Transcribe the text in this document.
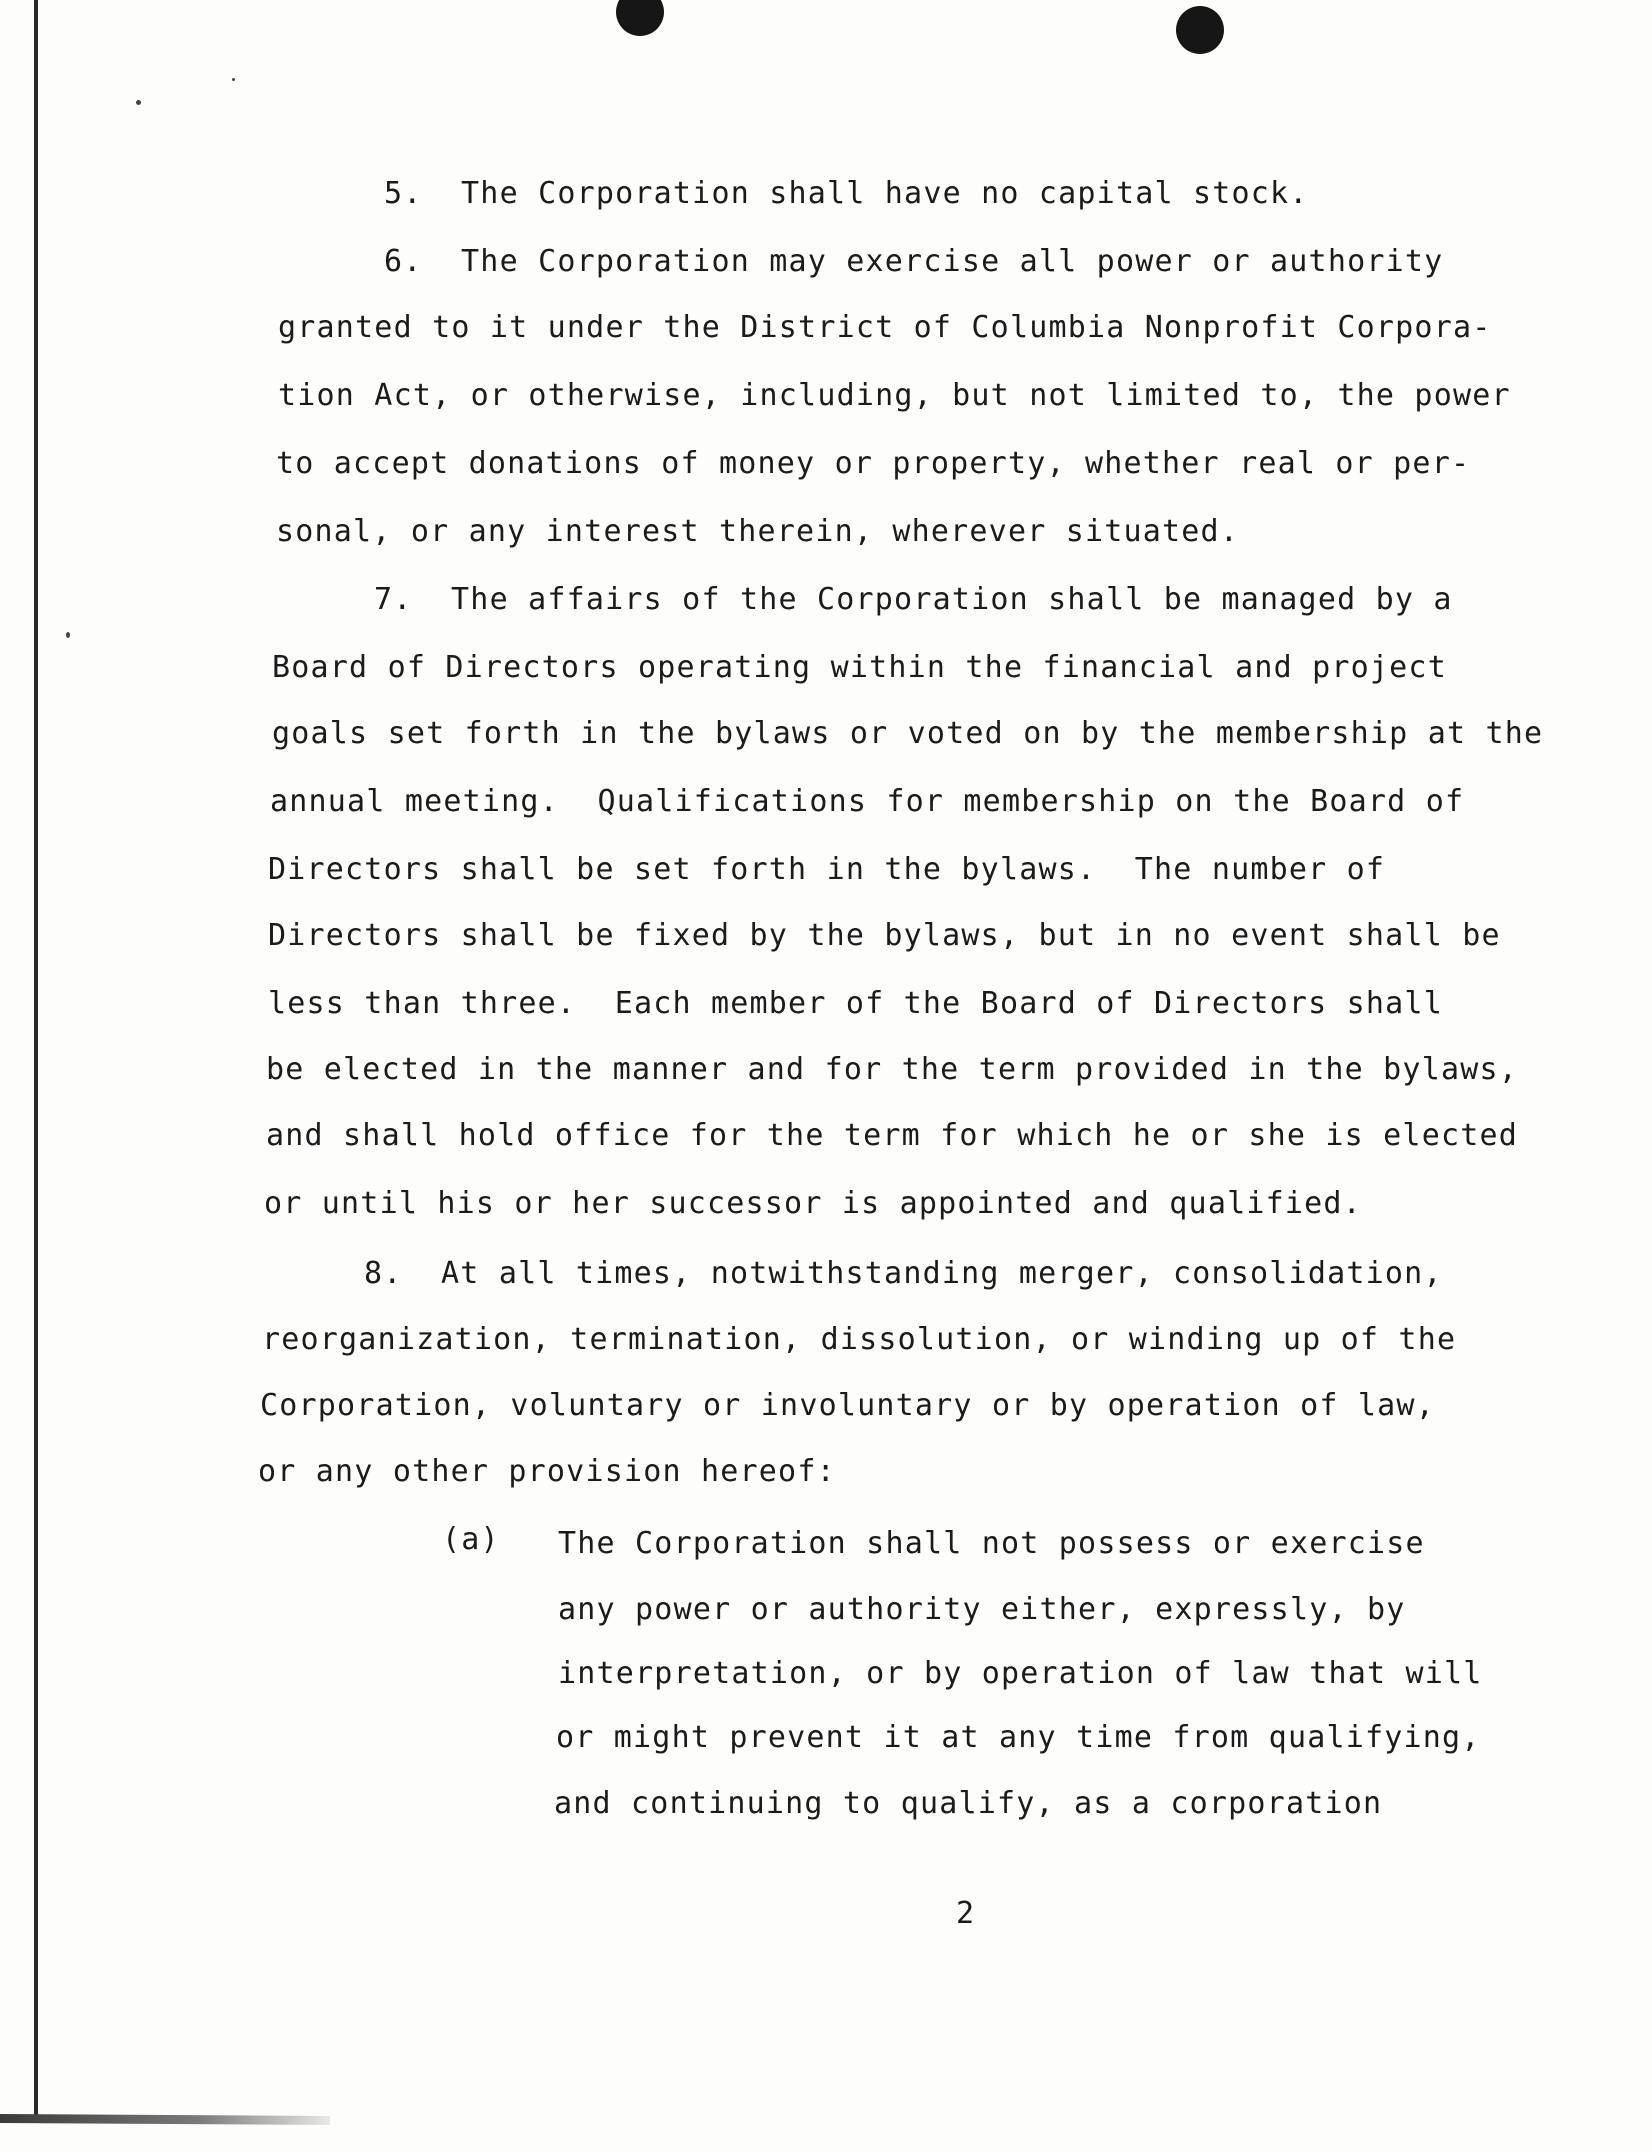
5.  The Corporation shall have no capital stock.
6.  The Corporation may exercise all power or authority
granted to it under the District of Columbia Nonprofit Corpora-
tion Act, or otherwise, including, but not limited to, the power
to accept donations of money or property, whether real or per-
sonal, or any interest therein, wherever situated.
7.  The affairs of the Corporation shall be managed by a
Board of Directors operating within the financial and project
goals set forth in the bylaws or voted on by the membership at the
annual meeting.  Qualifications for membership on the Board of
Directors shall be set forth in the bylaws.  The number of
Directors shall be fixed by the bylaws, but in no event shall be
less than three.  Each member of the Board of Directors shall
be elected in the manner and for the term provided in the bylaws,
and shall hold office for the term for which he or she is elected
or until his or her successor is appointed and qualified.
8.  At all times, notwithstanding merger, consolidation,
reorganization, termination, dissolution, or winding up of the
Corporation, voluntary or involuntary or by operation of law,
or any other provision hereof:
(a) The Corporation shall not possess or exercise
any power or authority either, expressly, by
interpretation, or by operation of law that will
or might prevent it at any time from qualifying,
and continuing to qualify, as a corporation
2
